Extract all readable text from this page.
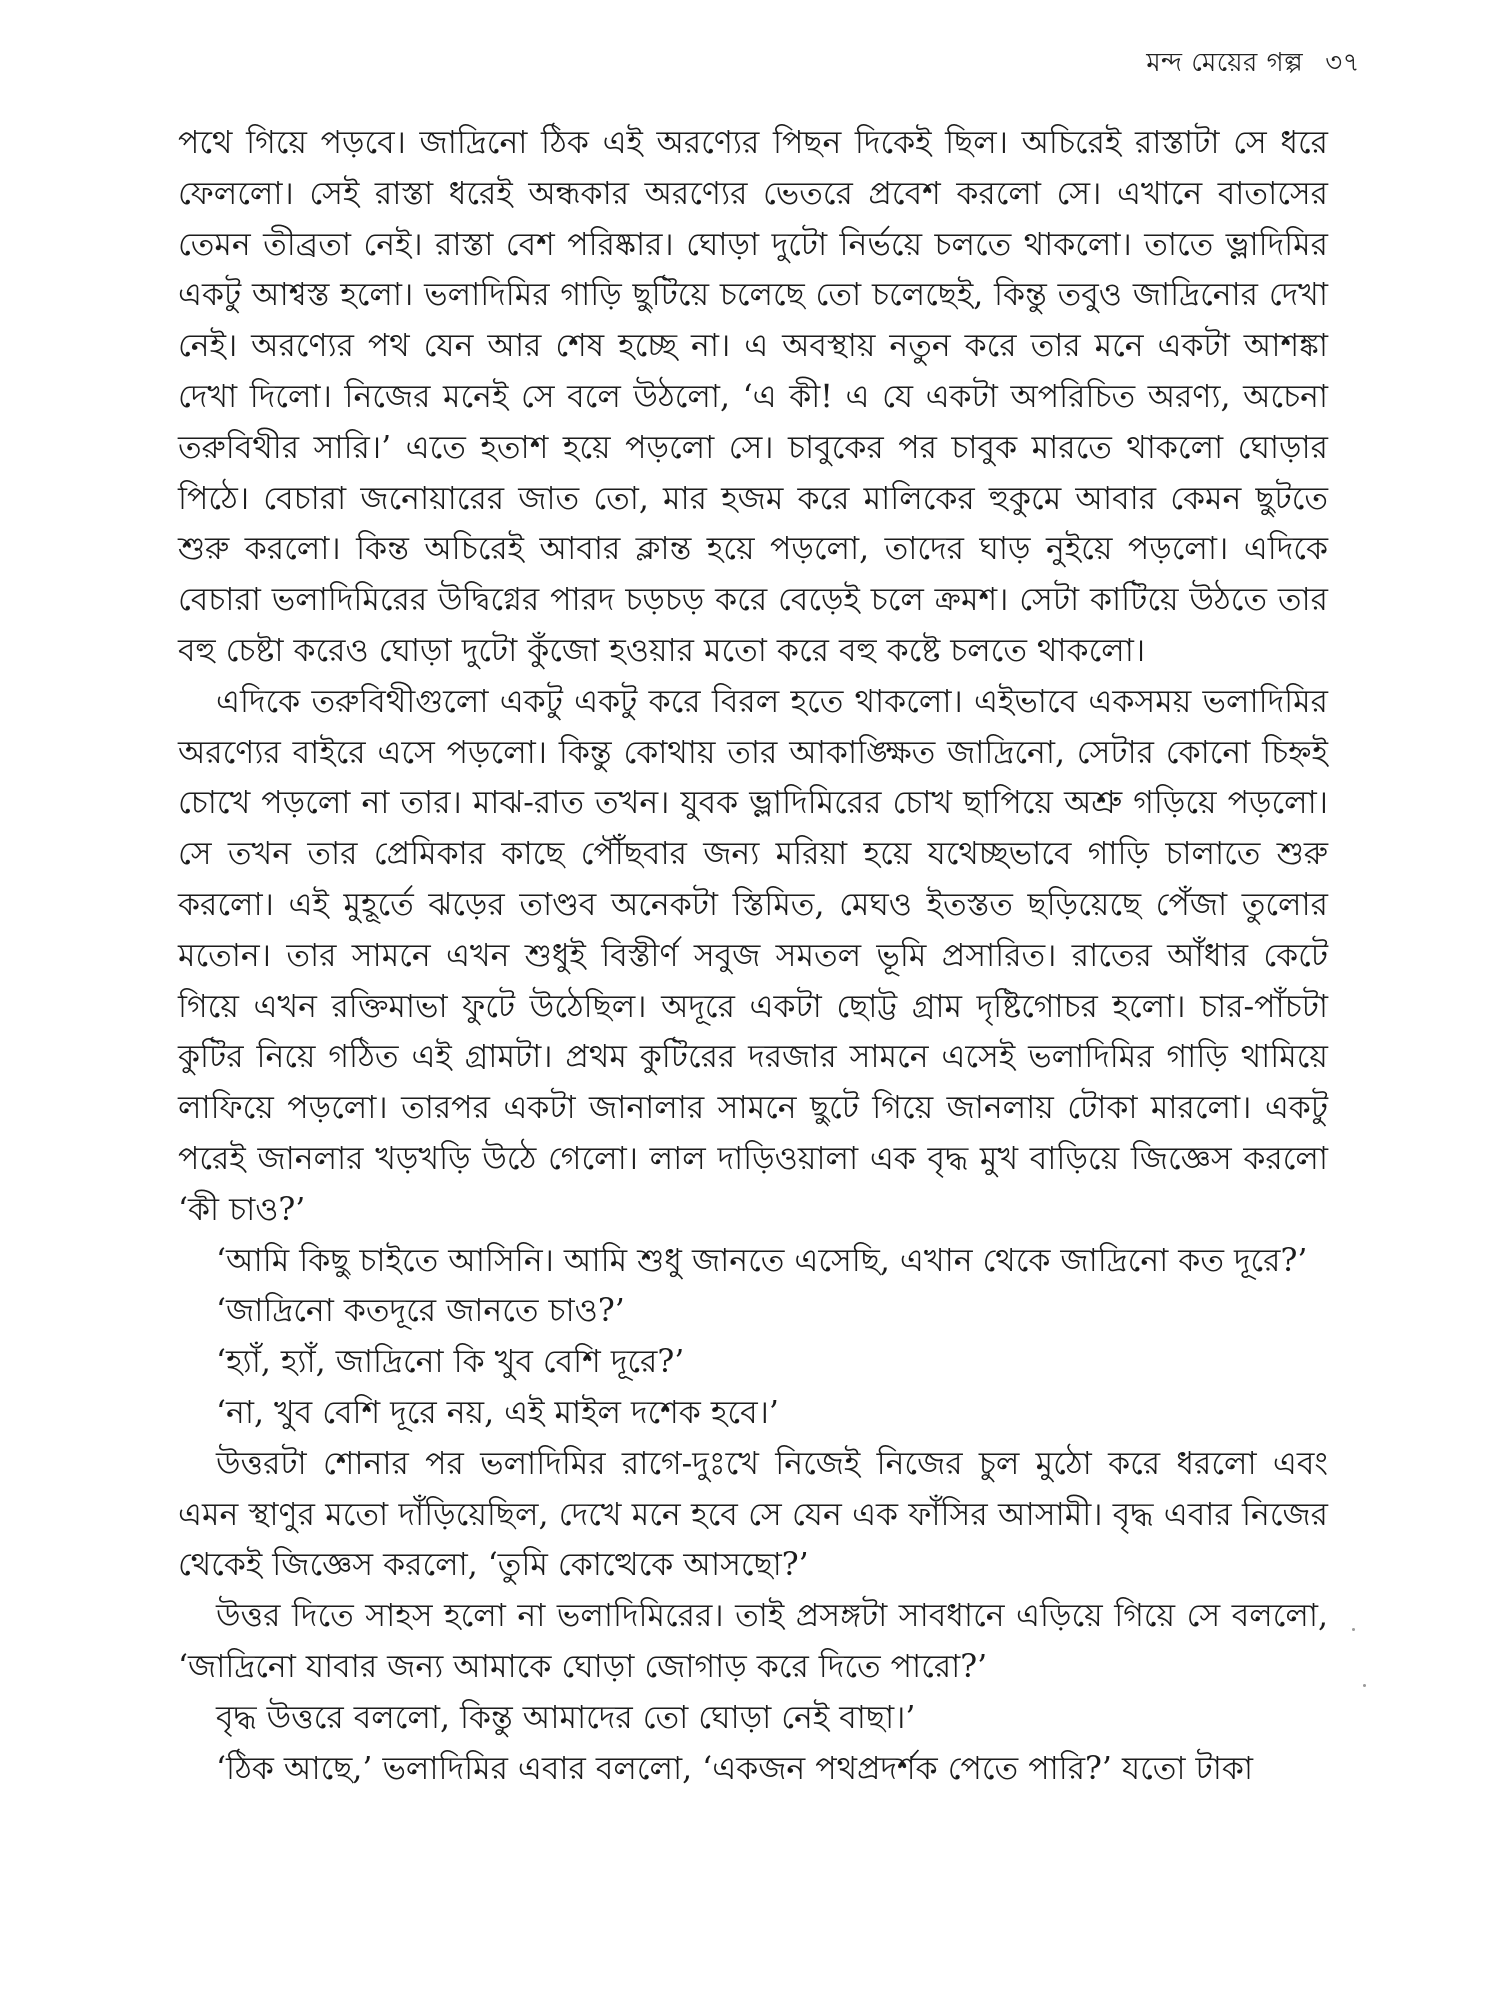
মন্দ মেয়ের গল্প ৩৭

পথে গিয়ে পড়বে। জাদ্রিনো ঠিক এই অরণ্যের পিছন দিকেই ছিল। অচিরেই রাস্তাটা সে ধরে ফেললো। সেই রাস্তা ধরেই অন্ধকার অরণ্যের ভেতরে প্রবেশ করলো সে। এখানে বাতাসের তেমন তীব্রতা নেই। রাস্তা বেশ পরিষ্কার। ঘোড়া দুটো নির্ভয়ে চলতে থাকলো। তাতে ভ্লাদিমির একটু আশ্বস্ত হলো। ভলাদিমির গাড়ি ছুটিয়ে চলেছে তো চলেছেই, কিন্তু তবুও জাদ্রিনোর দেখা নেই। অরণ্যের পথ যেন আর শেষ হচ্ছে না। এ অবস্থায় নতুন করে তার মনে একটা আশঙ্কা দেখা দিলো। নিজের মনেই সে বলে উঠলো, ‘এ কী! এ যে একটা অপরিচিত অরণ্য, অচেনা তরুবিথীর সারি।’ এতে হতাশ হয়ে পড়লো সে। চাবুকের পর চাবুক মারতে থাকলো ঘোড়ার পিঠে। বেচারা জনোয়ারের জাত তো, মার হজম করে মালিকের হুকুমে আবার কেমন ছুটতে শুরু করলো। কিন্ত অচিরেই আবার ক্লান্ত হয়ে পড়লো, তাদের ঘাড় নুইয়ে পড়লো। এদিকে বেচারা ভলাদিমিরের উদ্বিগ্নের পারদ চড়চড় করে বেড়েই চলে ক্রমশ। সেটা কাটিয়ে উঠতে তার বহু চেষ্টা করেও ঘোড়া দুটো কুঁজো হওয়ার মতো করে বহু কষ্টে চলতে থাকলো।

এদিকে তরুবিথীগুলো একটু একটু করে বিরল হতে থাকলো। এইভাবে একসময় ভলাদিমির অরণ্যের বাইরে এসে পড়লো। কিন্তু কোথায় তার আকাঙ্ক্ষিত জাদ্রিনো, সেটার কোনো চিহ্নই চোখে পড়লো না তার। মাঝ-রাত তখন। যুবক ভ্লাদিমিরের চোখ ছাপিয়ে অশ্রু গড়িয়ে পড়লো। সে তখন তার প্রেমিকার কাছে পৌঁছবার জন্য মরিয়া হয়ে যথেচ্ছভাবে গাড়ি চালাতে শুরু করলো। এই মুহূর্তে ঝড়ের তাণ্ডব অনেকটা স্তিমিত, মেঘও ইতস্তত ছড়িয়েছে পেঁজা তুলোর মতোন। তার সামনে এখন শুধুই বিস্তীর্ণ সবুজ সমতল ভূমি প্রসারিত। রাতের আঁধার কেটে গিয়ে এখন রক্তিমাভা ফুটে উঠেছিল। অদূরে একটা ছোট্ট গ্রাম দৃষ্টিগোচর হলো। চার-পাঁচটা কুটির নিয়ে গঠিত এই গ্রামটা। প্রথম কুটিরের দরজার সামনে এসেই ভলাদিমির গাড়ি থামিয়ে লাফিয়ে পড়লো। তারপর একটা জানালার সামনে ছুটে গিয়ে জানলায় টোকা মারলো। একটু পরেই জানলার খড়খড়ি উঠে গেলো। লাল দাড়িওয়ালা এক বৃদ্ধ মুখ বাড়িয়ে জিজ্ঞেস করলো ‘কী চাও?’

‘আমি কিছু চাইতে আসিনি। আমি শুধু জানতে এসেছি, এখান থেকে জাদ্রিনো কত দূরে?’

‘জাদ্রিনো কতদূরে জানতে চাও?’

‘হ্যাঁ, হ্যাঁ, জাদ্রিনো কি খুব বেশি দূরে?’

‘না, খুব বেশি দূরে নয়, এই মাইল দশেক হবে।’

উত্তরটা শোনার পর ভলাদিমির রাগে-দুঃখে নিজেই নিজের চুল মুঠো করে ধরলো এবং এমন স্থাণুর মতো দাঁড়িয়েছিল, দেখে মনে হবে সে যেন এক ফাঁসির আসামী। বৃদ্ধ এবার নিজের থেকেই জিজ্ঞেস করলো, ‘তুমি কোত্থেকে আসছো?’

উত্তর দিতে সাহস হলো না ভলাদিমিরের। তাই প্রসঙ্গটা সাবধানে এড়িয়ে গিয়ে সে বললো, ‘জাদ্রিনো যাবার জন্য আমাকে ঘোড়া জোগাড় করে দিতে পারো?’

বৃদ্ধ উত্তরে বললো, কিন্তু আমাদের তো ঘোড়া নেই বাছা।’

‘ঠিক আছে,’ ভলাদিমির এবার বললো, ‘একজন পথপ্রদর্শক পেতে পারি?’ যতো টাকা
